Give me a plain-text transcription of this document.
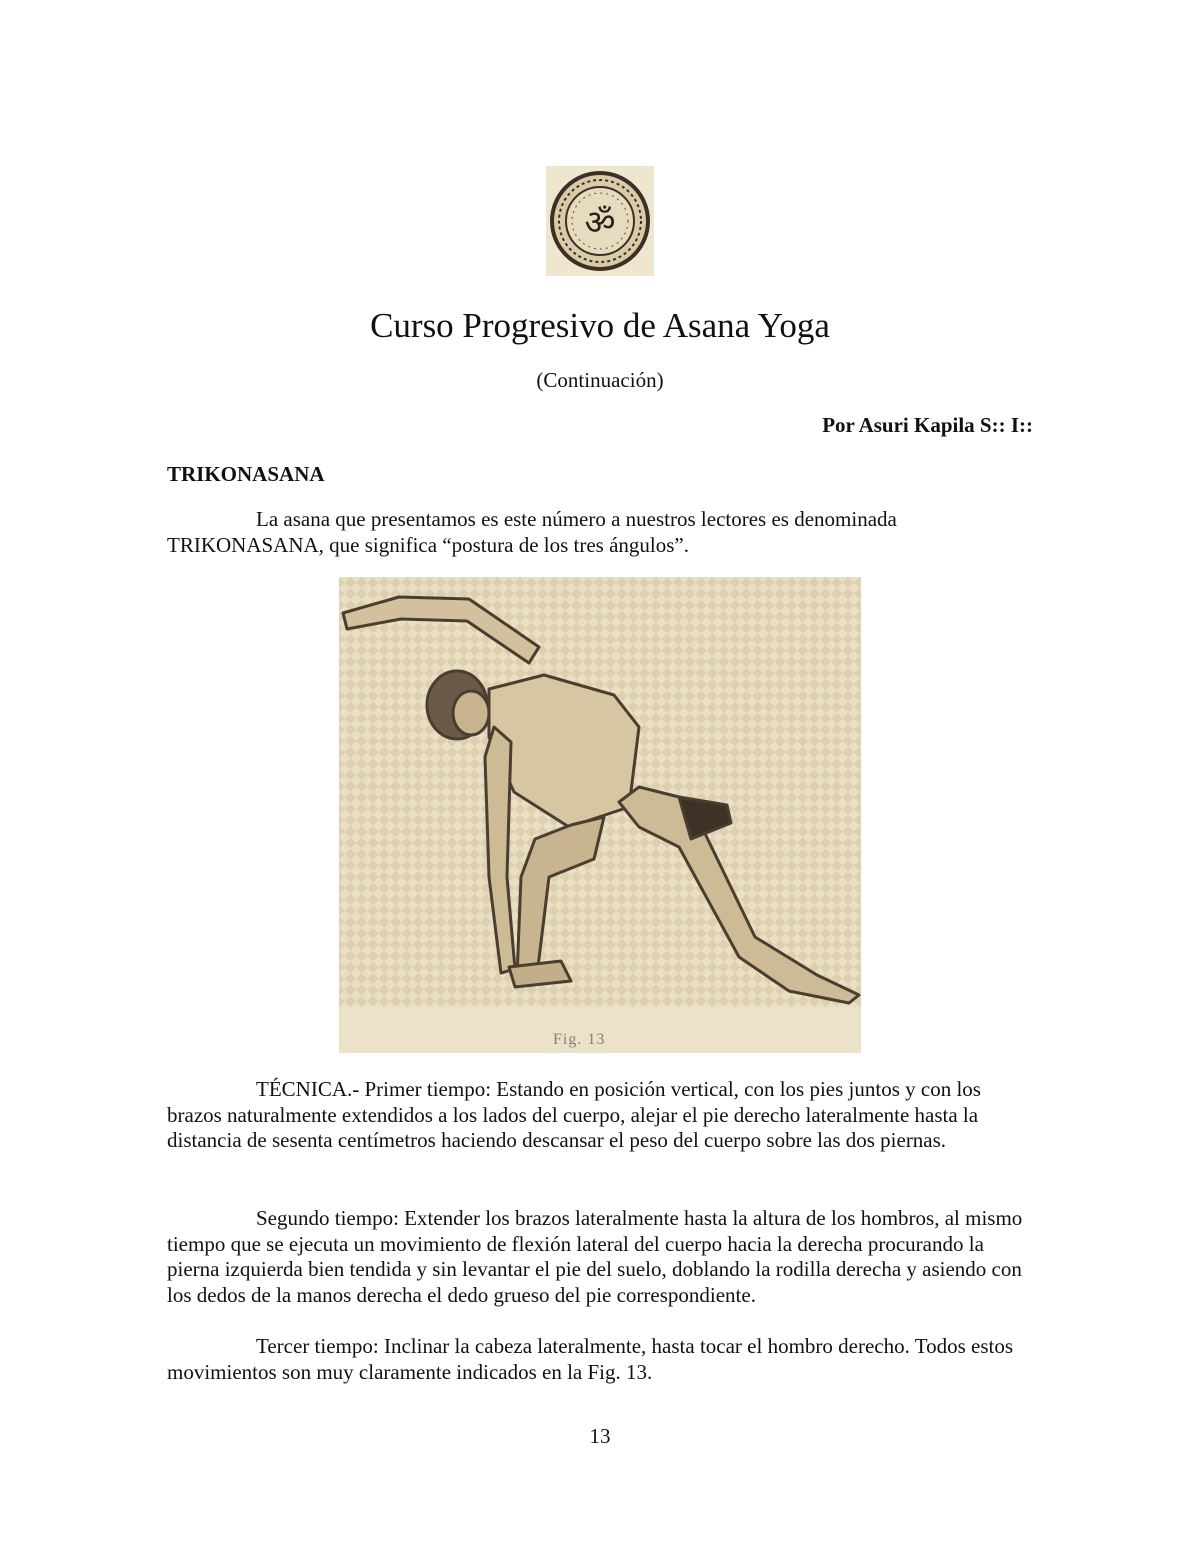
ॐ
Curso Progresivo de Asana Yoga
(Continuación)
Por Asuri Kapila S:: I::
TRIKONASANA

La asana que presentamos es este número a nuestros lectores es denominada TRIKONASANA, que significa “postura de los tres ángulos”.

Fig. 13

TÉCNICA.- Primer tiempo: Estando en posición vertical, con los pies juntos y con los brazos naturalmente extendidos a los lados del cuerpo, alejar el pie derecho lateralmente hasta la distancia de sesenta centímetros haciendo descansar el peso del cuerpo sobre las dos piernas.

Segundo tiempo: Extender los brazos lateralmente hasta la altura de los hombros, al mismo tiempo que se ejecuta un movimiento de flexión lateral del cuerpo hacia la derecha procurando la pierna izquierda bien tendida y sin levantar el pie del suelo, doblando la rodilla derecha y asiendo con los dedos de la manos derecha el dedo grueso del pie correspondiente.

Tercer tiempo: Inclinar la cabeza lateralmente, hasta tocar el hombro derecho. Todos estos movimientos son muy claramente indicados en la Fig. 13.

13
